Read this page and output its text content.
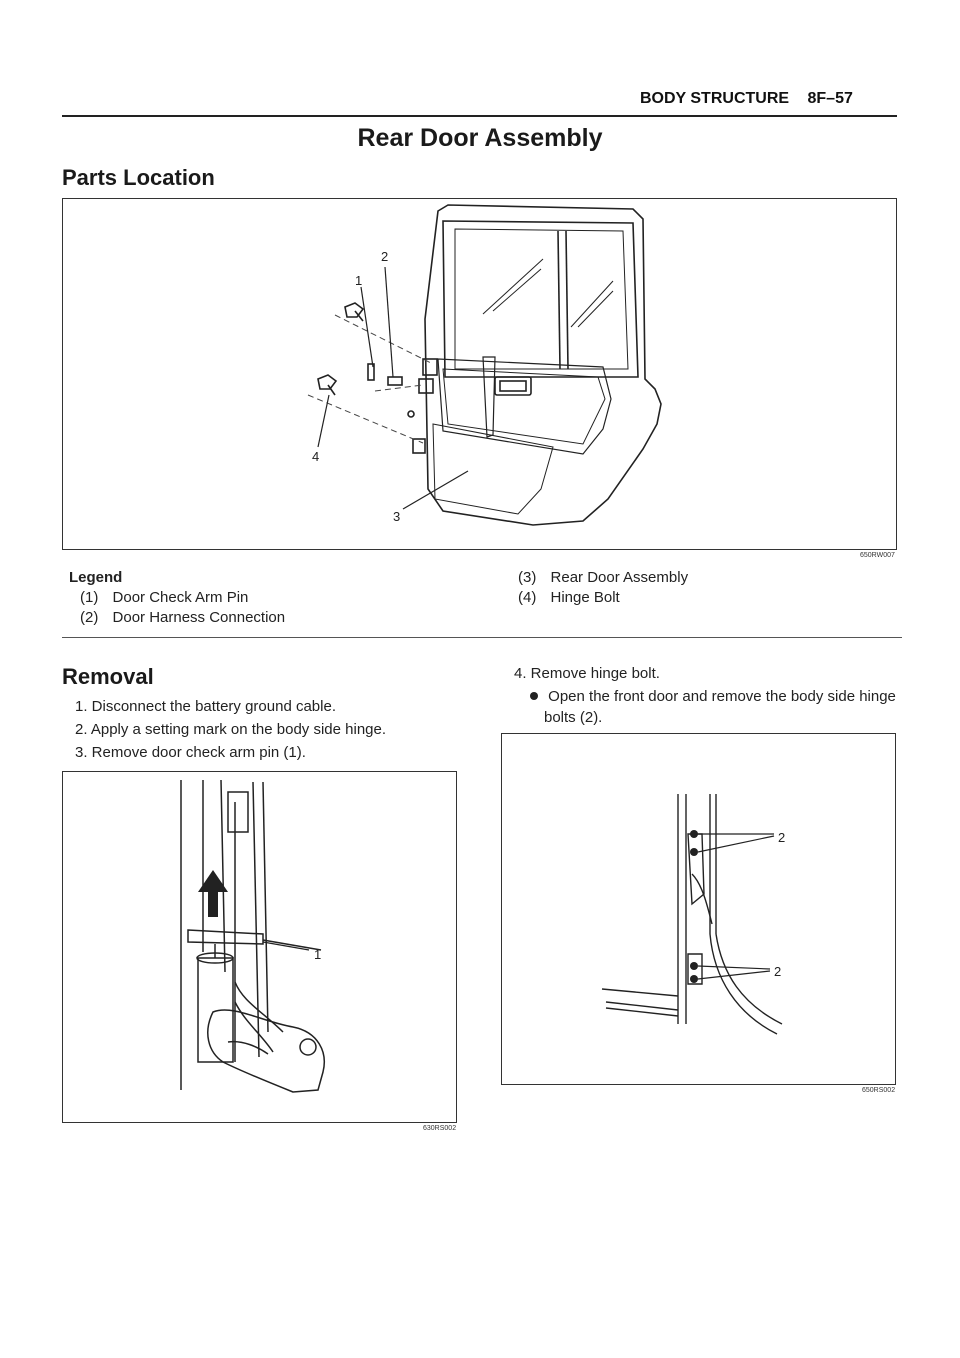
BODY STRUCTURE 8F–57
Rear Door Assembly
Parts Location
1
2
3
4
650RW007
Legend
(1) Door Check Arm Pin
(2) Door Harness Connection
(3) Rear Door Assembly
(4) Hinge Bolt
Removal
1. Disconnect the battery ground cable.
2. Apply a setting mark on the body side hinge.
3. Remove door check arm pin (1).
4. Remove hinge bolt.
Open the front door and remove the body side hinge
bolts (2).
1
630RS002
2
2
650RS002
